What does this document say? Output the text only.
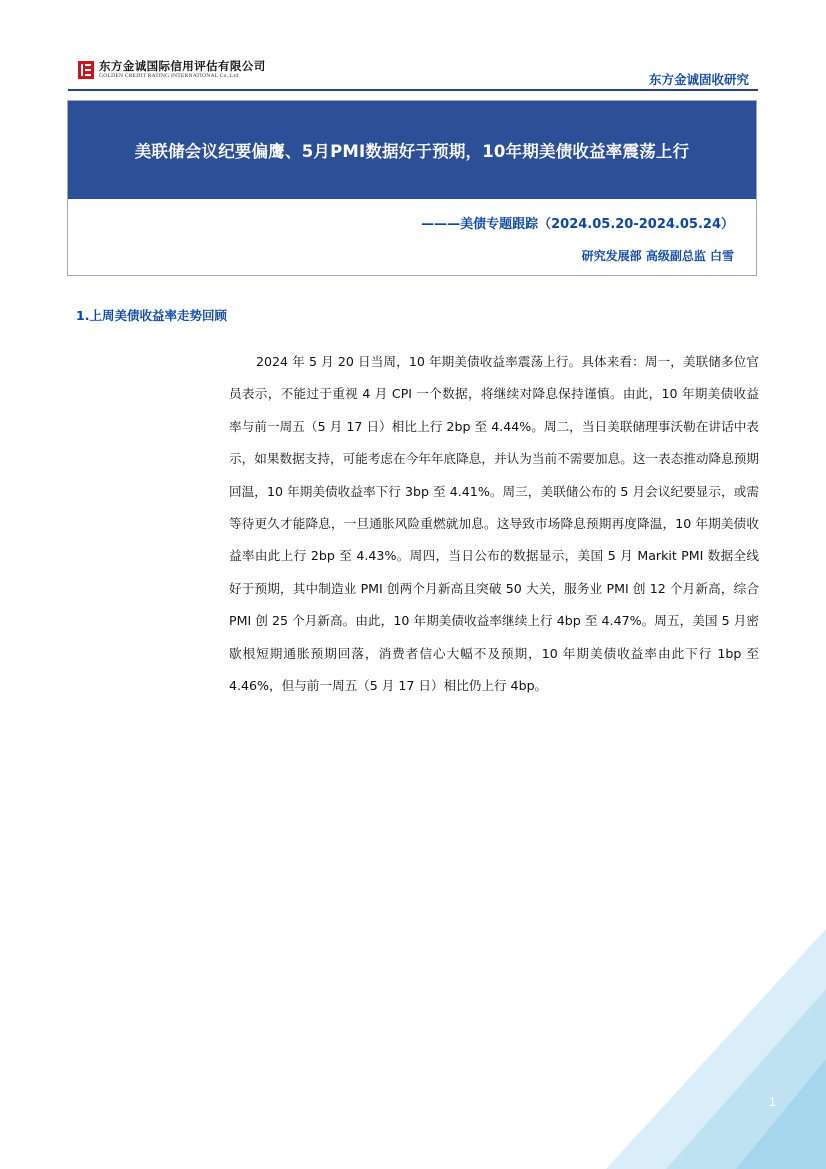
东方金诚国际信用评估有限公司
GOLDEN CREDIT RATING INTERNATIONAL Co.,Ltd.	东方金诚固收研究
美联储会议纪要偏鹰、5月PMI数据好于预期，10年期美债收益率震荡上行
———美债专题跟踪（2024.05.20-2024.05.24）
研究发展部 高级副总监 白雪
1.上周美债收益率走势回顾

2024 年 5 月 20 日当周，10 年期美债收益率震荡上行。具体来看：周一，美联储多位官员表示，不能过于重视 4 月 CPI 一个数据，将继续对降息保持谨慎。由此，10 年期美债收益率与前一周五（5 月 17 日）相比上行 2bp 至 4.44%。周二，当日美联储理事沃勒在讲话中表示，如果数据支持，可能考虑在今年年底降息，并认为当前不需要加息。这一表态推动降息预期回温，10 年期美债收益率下行 3bp 至 4.41%。周三，美联储公布的 5 月会议纪要显示，或需等待更久才能降息，一旦通胀风险重燃就加息。这导致市场降息预期再度降温，10 年期美债收益率由此上行 2bp 至 4.43%。周四，当日公布的数据显示，美国 5 月 Markit PMI 数据全线好于预期，其中制造业 PMI 创两个月新高且突破 50 大关，服务业 PMI 创 12 个月新高，综合 PMI 创 25 个月新高。由此，10 年期美债收益率继续上行 4bp 至 4.47%。周五，美国 5 月密歇根短期通胀预期回落，消费者信心大幅不及预期，10 年期美债收益率由此下行 1bp 至 4.46%，但与前一周五（5 月 17 日）相比仍上行 4bp。

1
